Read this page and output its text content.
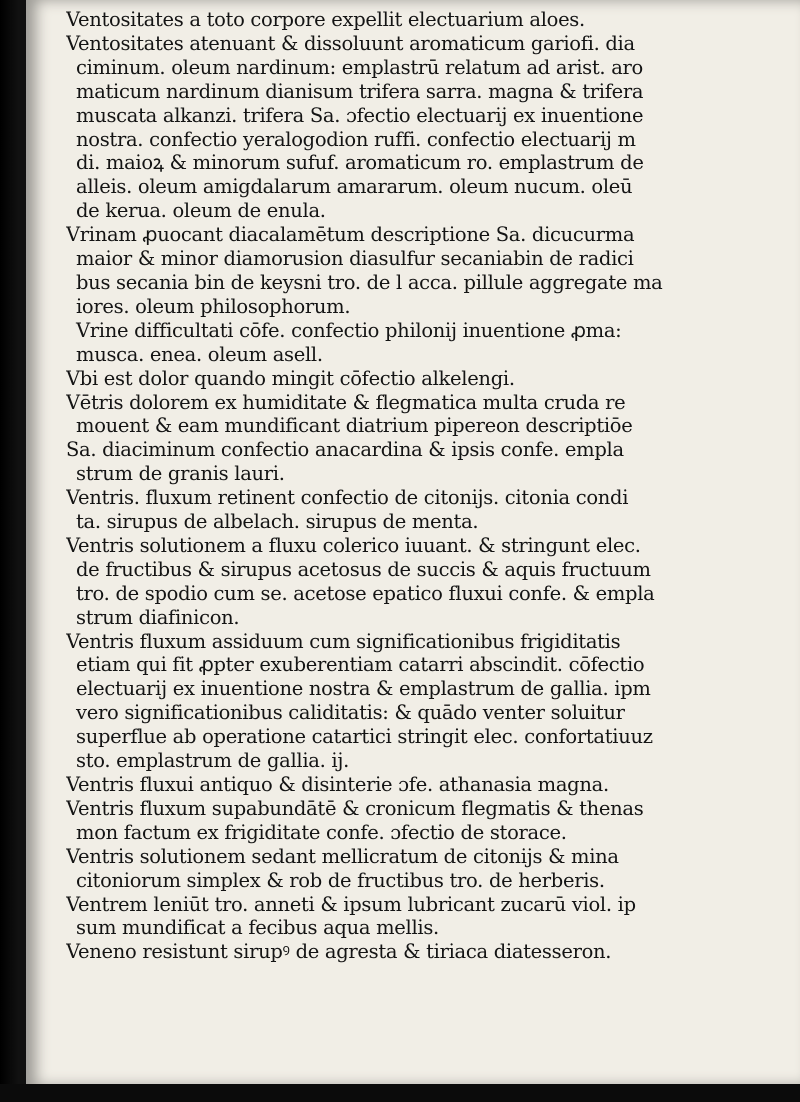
Ventositates a toto corpore expellit electuarium aloes.
Ventositates atenuant & dissoluunt aromaticum gariofi. dia
ciminum. oleum nardinum: emplastrū relatum ad arist. aro
maticum nardinum dianisum trifera sarra. magna & trifera
muscata alkanzi. trifera Sa. ɔfectio electuarij ex inuentione
nostra. confectio yeralogodion ruffi. confectio electuarij m
di. maioꝝ & minorum sufuf. aromaticum ro. emplastrum de
alleis. oleum amigdalarum amararum. oleum nucum. oleū
de keruа. oleum de enula.
Vrinam ꝓuocant diacalamētum descriptione Sa. dicucurma
maior & minor diamorusion diasulfur secaniabin de radici
bus secania bin de keysni tro. de l acca. pillule aggregate ma
iores. oleum philosophorum.
Vrine difficultati cōfe. confectio philonij inuentione ꝓma:
musca. enea. oleum asell.
Vbi est dolor quando mingit cōfectio alkelengi.
Vētris dolorem ex humiditate & flegmatica multa cruda re
mouent & eam mundificant diatrium pipereon descriptiōe
Sa. diaciminum confectio anacardina & ipsis confe. empla
strum de granis lauri.
Ventris. fluxum retinent confectio de citonijs. citonia condi
ta. sirupus de albelach. sirupus de menta.
Ventris solutionem a fluxu colerico iuuant. & stringunt elec.
de fructibus & sirupus acetosus de succis & aquis fructuum
tro. de spodio cum se. acetose epatico fluxui confe. & empla
strum diafinicon.
Ventris fluxum assiduum cum significationibus frigiditatis
etiam qui fit ꝓpter exuberentiam catarri abscindit. cōfectio
electuarij ex inuentione nostra & emplastrum de gallia. ipm
vero significationibus caliditatis: & quādo venter soluitur
superflue ab operatione catartici stringit elec. confortatiuuz
sto. emplastrum de gallia. ij.
Ventris fluxui antiquo & disinterie ɔfe. athanasia magna.
Ventris fluxum supabundātē & cronicum flegmatis & thenas
mon factum ex frigiditate confe. ɔfectio de storace.
Ventris solutionem sedant mellicratum de citonijs & mina
citoniorum simplex & rob de fructibus tro. de herberis.
Ventrem leniūt tro. anneti & ipsum lubricant zucarū viol. ip
sum mundificat a fecibus aqua mellis.
Veneno resistunt sirupꝰ de agresta & tiriaca diatesseron.
